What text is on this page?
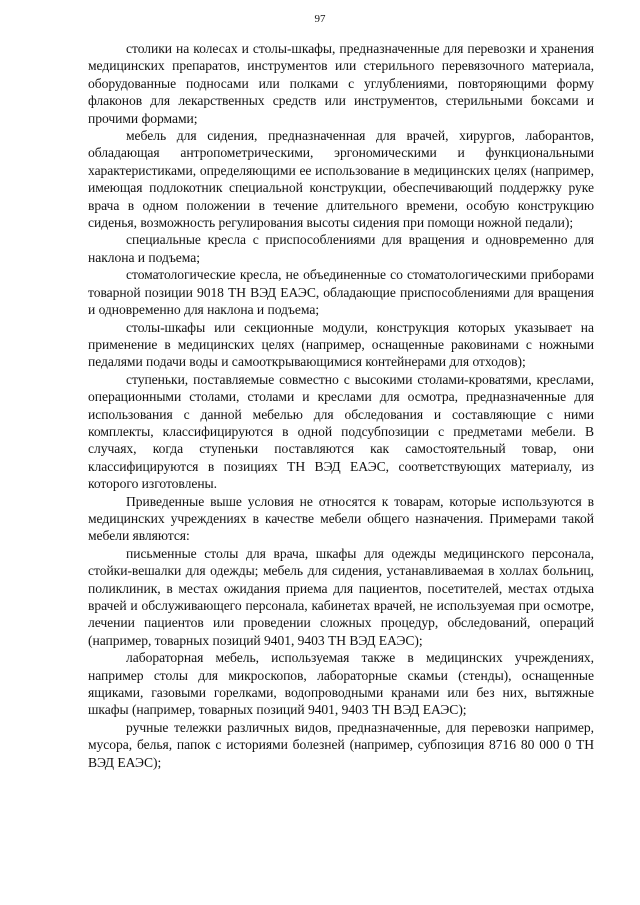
97

столики на колесах и столы-шкафы, предназначенные для перевозки и хранения медицинских препаратов, инструментов или стерильного перевязочного материала, оборудованные подносами или полками с углублениями, повторяющими форму флаконов для лекарственных средств или инструментов, стерильными боксами и прочими формами;

мебель для сидения, предназначенная для врачей, хирургов, лаборантов, обладающая антропометрическими, эргономическими и функциональными характеристиками, определяющими ее использование в медицинских целях (например, имеющая подлокотник специальной конструкции, обеспечивающий поддержку руке врача в одном положении в течение длительного времени, особую конструкцию сиденья, возможность регулирования высоты сидения при помощи ножной педали);

специальные кресла с приспособлениями для вращения и одновременно для наклона и подъема;

стоматологические кресла, не объединенные со стоматологическими приборами товарной позиции 9018 ТН ВЭД ЕАЭС, обладающие приспособлениями для вращения и одновременно для наклона и подъема;

столы-шкафы или секционные модули, конструкция которых указывает на применение в медицинских целях (например, оснащенные раковинами с ножными педалями подачи воды и самооткрывающимися контейнерами для отходов);

ступеньки, поставляемые совместно с высокими столами-кроватями, креслами, операционными столами, столами и креслами для осмотра, предназначенные для использования с данной мебелью для обследования и составляющие с ними комплекты, классифицируются в одной подсубпозиции с предметами мебели. В случаях, когда ступеньки поставляются как самостоятельный товар, они классифицируются в позициях ТН ВЭД ЕАЭС, соответствующих материалу, из которого изготовлены.

Приведенные выше условия не относятся к товарам, которые используются в медицинских учреждениях в качестве мебели общего назначения. Примерами такой мебели являются:

письменные столы для врача, шкафы для одежды медицинского персонала, стойки-вешалки для одежды; мебель для сидения, устанавливаемая в холлах больниц, поликлиник, в местах ожидания приема для пациентов, посетителей, местах отдыха врачей и обслуживающего персонала, кабинетах врачей, не используемая при осмотре, лечении пациентов или проведении сложных процедур, обследований, операций (например, товарных позиций 9401, 9403 ТН ВЭД ЕАЭС);

лабораторная мебель, используемая также в медицинских учреждениях, например столы для микроскопов, лабораторные скамьи (стенды), оснащенные ящиками, газовыми горелками, водопроводными кранами или без них, вытяжные шкафы (например, товарных позиций 9401, 9403 ТН ВЭД ЕАЭС);

ручные тележки различных видов, предназначенные, для перевозки например, мусора, белья, папок с историями болезней (например, субпозиция 8716 80 000 0 ТН ВЭД ЕАЭС);
